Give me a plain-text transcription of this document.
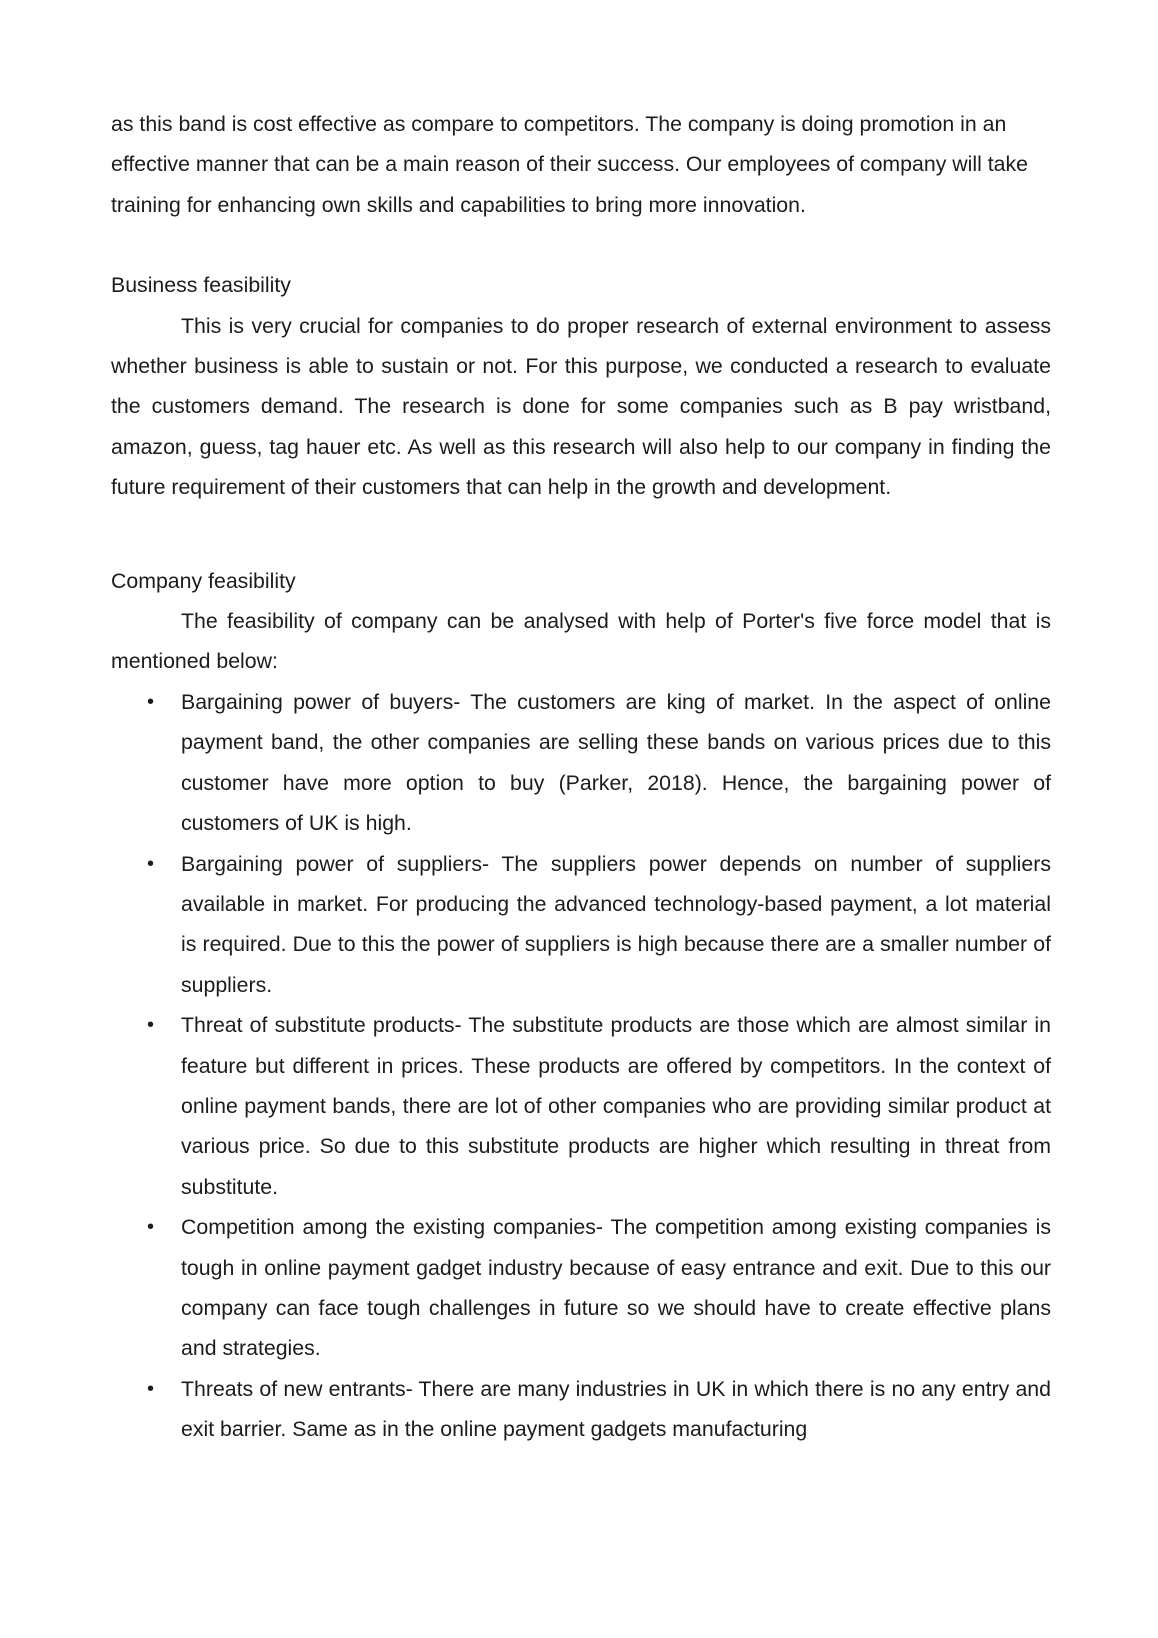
as this band is cost effective as compare to competitors. The company is doing promotion in an effective manner that can be a main reason of their success. Our employees of company will take training for enhancing own skills and capabilities to bring more innovation.

Business feasibility

This is very crucial for companies to do proper research of external environment to assess whether business is able to sustain or not. For this purpose, we conducted a research to evaluate the customers demand. The research is done for some companies such as B pay wristband, amazon, guess, tag hauer etc. As well as this research will also help to our company in finding the future requirement of their customers that can help in the growth and development.

Company feasibility

The feasibility of company can be analysed with help of Porter's five force model that is mentioned below:

• Bargaining power of buyers- The customers are king of market. In the aspect of online payment band, the other companies are selling these bands on various prices due to this customer have more option to buy (Parker, 2018). Hence, the bargaining power of customers of UK is high.
• Bargaining power of suppliers- The suppliers power depends on number of suppliers available in market. For producing the advanced technology-based payment, a lot material is required. Due to this the power of suppliers is high because there are a smaller number of suppliers.
• Threat of substitute products- The substitute products are those which are almost similar in feature but different in prices. These products are offered by competitors. In the context of online payment bands, there are lot of other companies who are providing similar product at various price. So due to this substitute products are higher which resulting in threat from substitute.
• Competition among the existing companies- The competition among existing companies is tough in online payment gadget industry because of easy entrance and exit. Due to this our company can face tough challenges in future so we should have to create effective plans and strategies.
• Threats of new entrants- There are many industries in UK in which there is no any entry and exit barrier. Same as in the online payment gadgets manufacturing
